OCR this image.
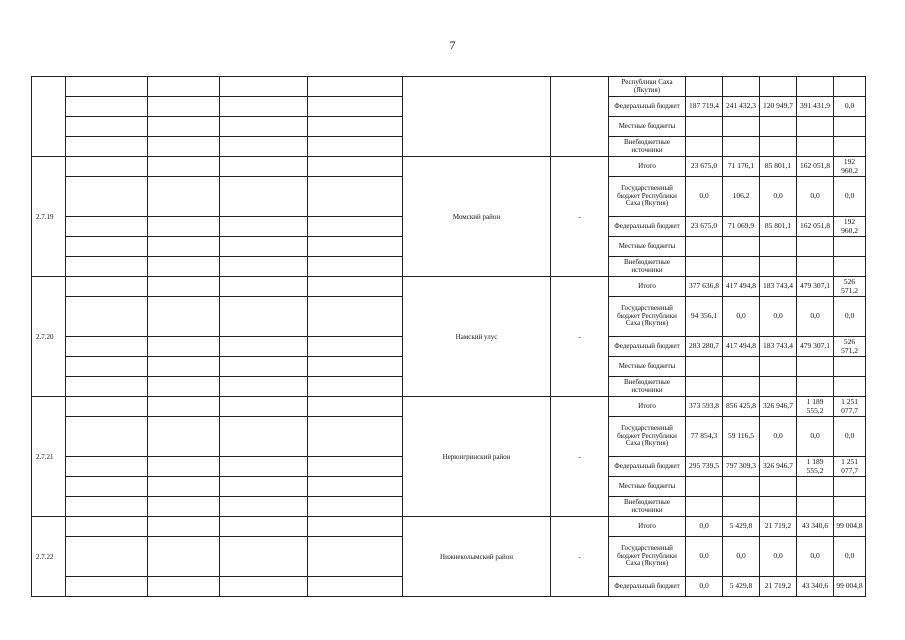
7
							Республики Саха (Якутия)					
							Федеральный бюджет	187 719,4	241 432,3	120 949,7	391 431,9	0,0
							Местные бюджеты					
							Внебюджетные источники					
2.7.19					Момский район	-	Итого	23 675,0	71 176,1	85 801,1	162 051,8	192 960,2
							Государственный бюджет Республики Саха (Якутия)	0,0	106,2	0,0	0,0	0,0
							Федеральный бюджет	23 675,0	71 069,9	85 801,1	162 051,8	192 960,2
							Местные бюджеты					
							Внебюджетные источники					
2.7.20					Намский улус	-	Итого	377 636,8	417 494,8	183 743,4	479 307,1	526 571,2
							Государственный бюджет Республики Саха (Якутия)	94 356,1	0,0	0,0	0,0	0,0
							Федеральный бюджет	283 280,7	417 494,8	183 743,4	479 307,1	526 571,2
							Местные бюджеты					
							Внебюджетные источники					
2.7.21					Нерюнгринский район	-	Итого	373 593,8	856 425,8	326 946,7	1 189 555,2	1 251 077,7
							Государственный бюджет Республики Саха (Якутия)	77 854,3	59 116,5	0,0	0,0	0,0
							Федеральный бюджет	295 739,5	797 309,3	326 946,7	1 189 555,2	1 251 077,7
							Местные бюджеты					
							Внебюджетные источники					
2.7.22					Нижнеколымский район	-	Итого	0,0	5 429,8	21 719,2	43 340,6	99 004,8
							Государственный бюджет Республики Саха (Якутия)	0,0	0,0	0,0	0,0	0,0
							Федеральный бюджет	0,0	5 429,8	21 719,2	43 340,6	99 004,8
